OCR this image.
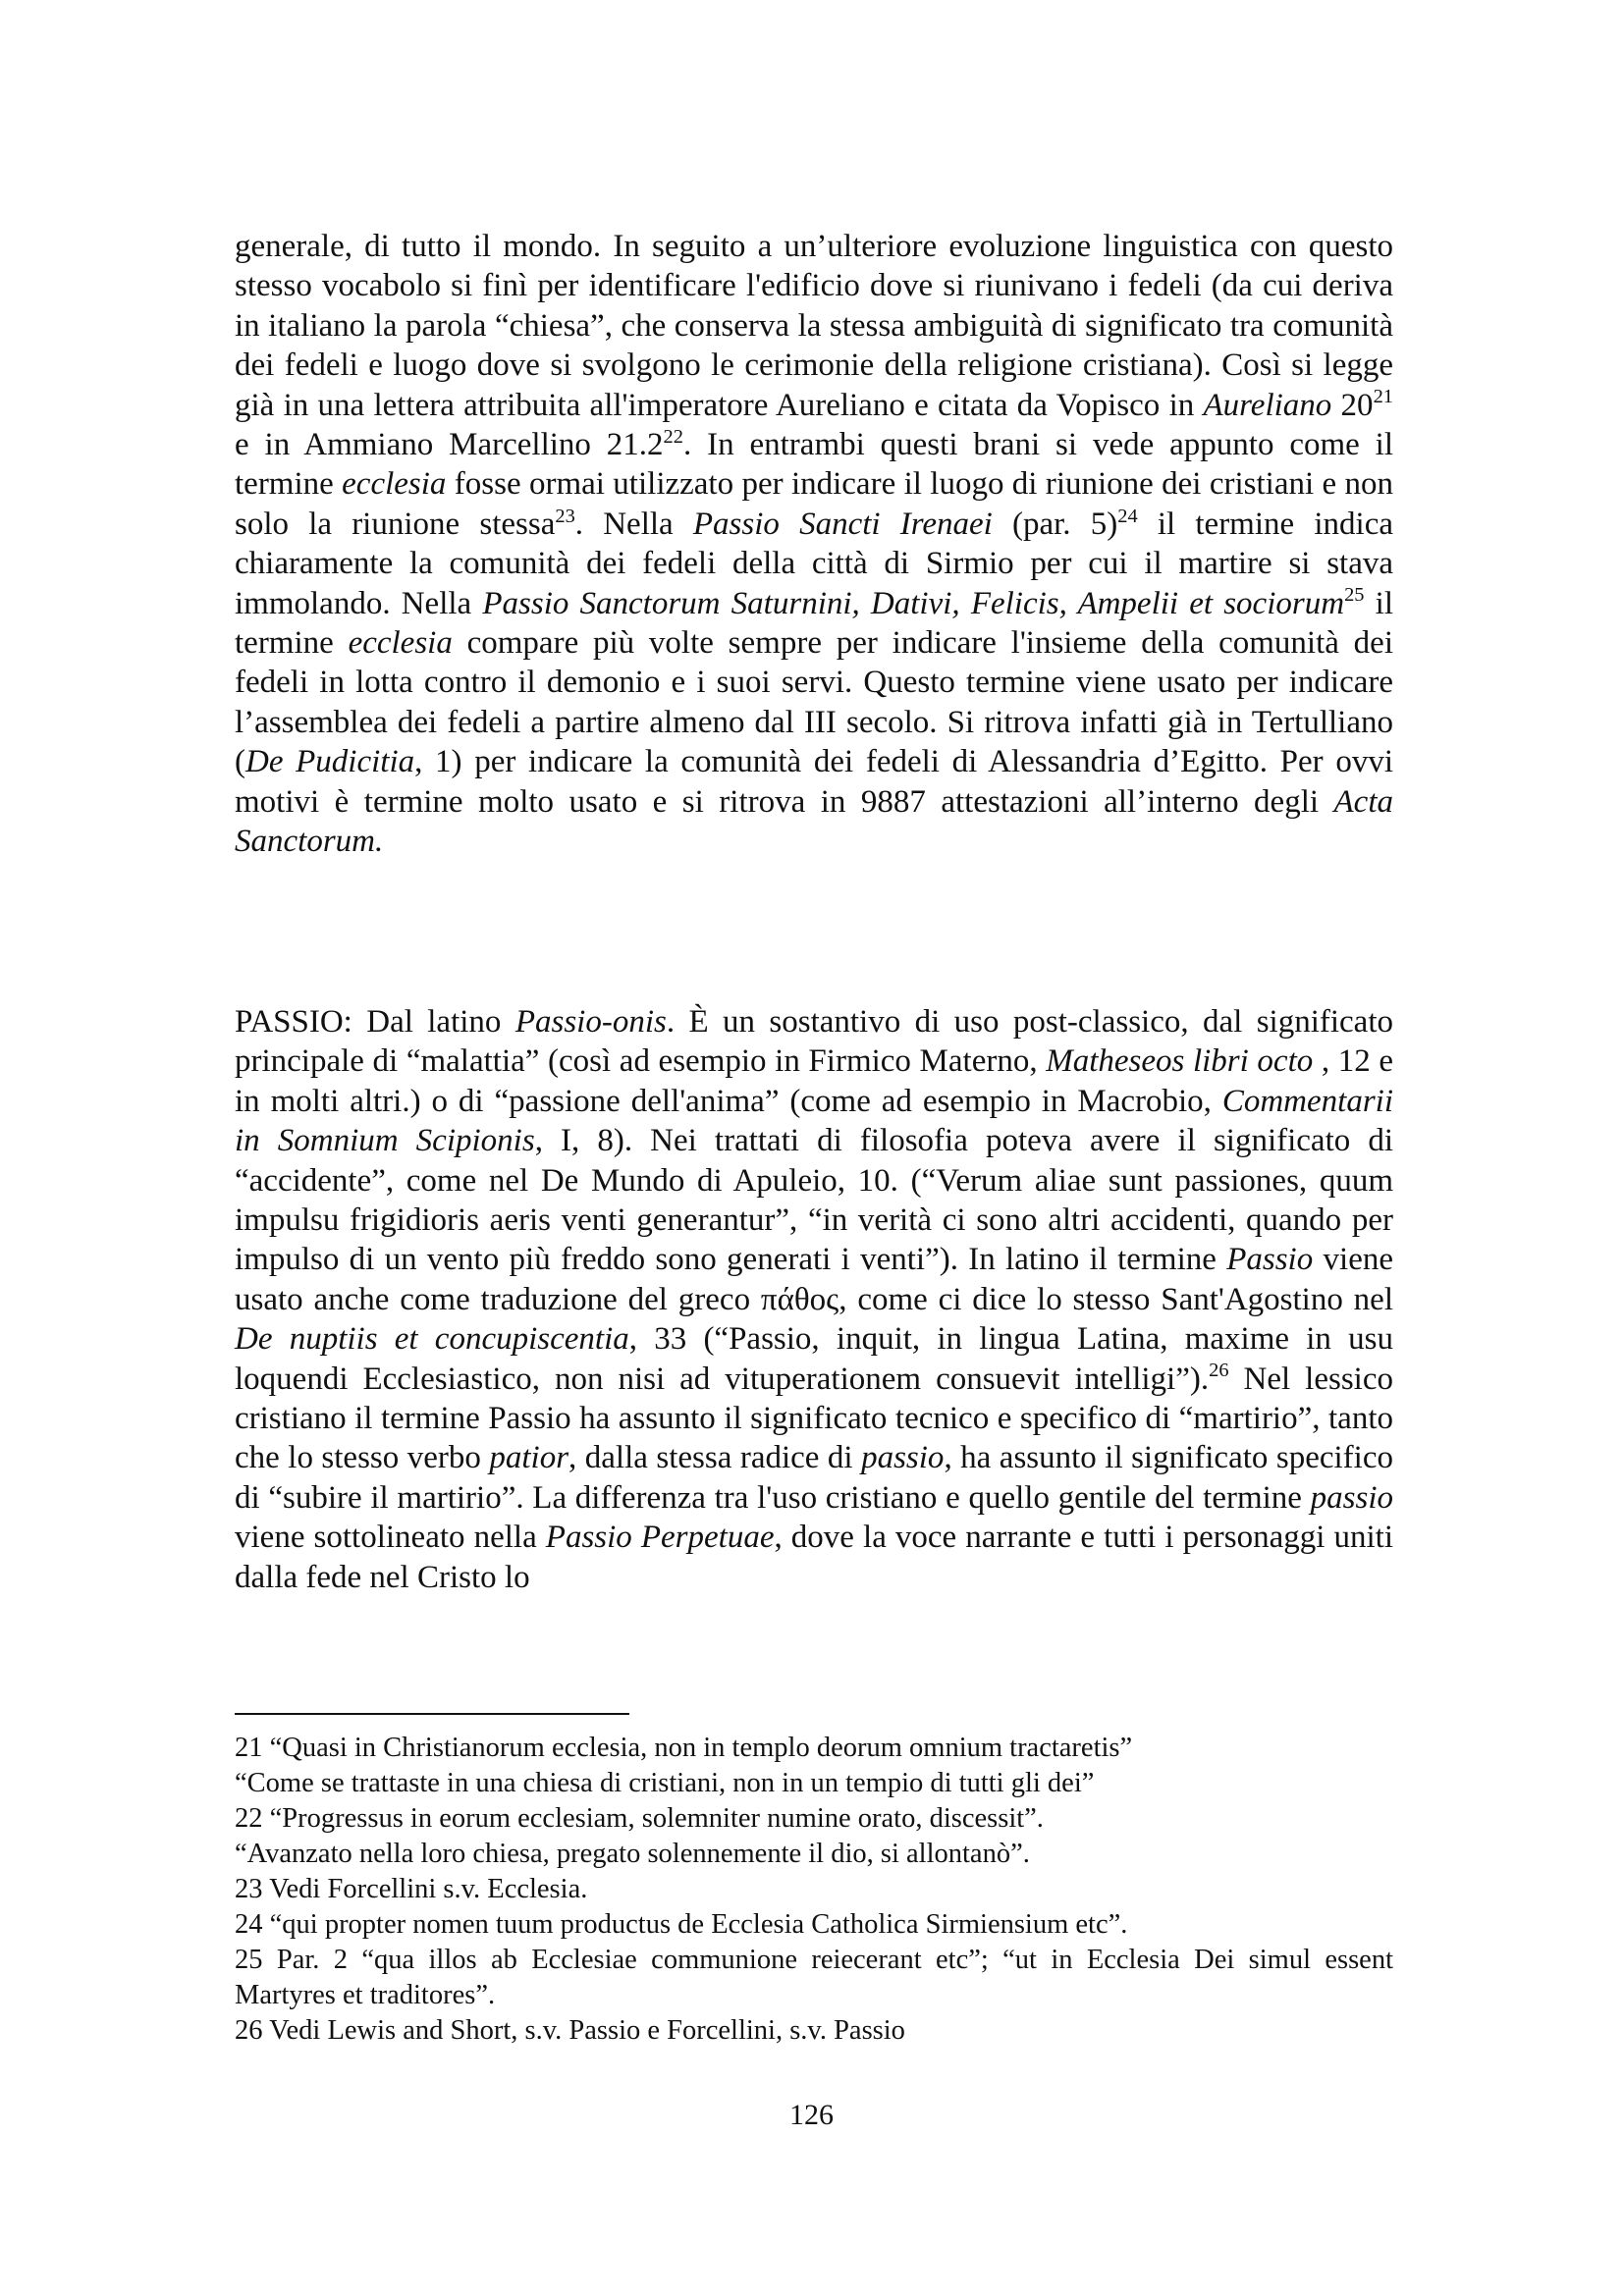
generale, di tutto il mondo. In seguito a un’ulteriore evoluzione linguistica con questo stesso vocabolo si finì per identificare l'edificio dove si riunivano i fedeli (da cui deriva in italiano la parola “chiesa”, che conserva la stessa ambiguità di significato tra comunità dei fedeli e luogo dove si svolgono le cerimonie della religione cristiana). Così si legge già in una lettera attribuita all'imperatore Aureliano e citata da Vopisco in Aureliano $20^{21}$ e in Ammiano Marcellino 21.2$^{22}$. In entrambi questi brani si vede appunto come il termine ecclesia fosse ormai utilizzato per indicare il luogo di riunione dei cristiani e non solo la riunione stessa$^{23}$. Nella Passio Sancti Irenaei (par. 5)$^{24}$ il termine indica chiaramente la comunità dei fedeli della città di Sirmio per cui il martire si stava immolando. Nella Passio Sanctorum Saturnini, Dativi, Felicis, Ampelii et sociorum$^{25}$ il termine ecclesia compare più volte sempre per indicare l'insieme della comunità dei fedeli in lotta contro il demonio e i suoi servi. Questo termine viene usato per indicare l’assemblea dei fedeli a partire almeno dal III secolo. Si ritrova infatti già in Tertulliano (De Pudicitia, 1) per indicare la comunità dei fedeli di Alessandria d’Egitto. Per ovvi motivi è termine molto usato e si ritrova in 9887 attestazioni all’interno degli Acta Sanctorum.

PASSIO: Dal latino Passio-onis. È un sostantivo di uso post-classico, dal significato principale di “malattia” (così ad esempio in Firmico Materno, Matheseos libri octo , 12 e in molti altri.) o di “passione dell'anima” (come ad esempio in Macrobio, Commentarii in Somnium Scipionis, I, 8). Nei trattati di filosofia poteva avere il significato di “accidente”, come nel De Mundo di Apuleio, 10. (“Verum aliae sunt passiones, quum impulsu frigidioris aeris venti generantur”, “in verità ci sono altri accidenti, quando per impulso di un vento più freddo sono generati i venti”). In latino il termine Passio viene usato anche come traduzione del greco πάθος, come ci dice lo stesso Sant'Agostino nel De nuptiis et concupiscentia, 33 (“Passio, inquit, in lingua Latina, maxime in usu loquendi Ecclesiastico, non nisi ad vituperationem consuevit intelligi”).$^{26}$ Nel lessico cristiano il termine Passio ha assunto il significato tecnico e specifico di “martirio”, tanto che lo stesso verbo patior, dalla stessa radice di passio, ha assunto il significato specifico di “subire il martirio”. La differenza tra l'uso cristiano e quello gentile del termine passio viene sottolineato nella Passio Perpetuae, dove la voce narrante e tutti i personaggi uniti dalla fede nel Cristo lo

21 “Quasi in Christianorum ecclesia, non in templo deorum omnium tractaretis”

“Come se trattaste in una chiesa di cristiani, non in un tempio di tutti gli dei”

22 “Progressus in eorum ecclesiam, solemniter numine orato, discessit”.

“Avanzato nella loro chiesa, pregato solennemente il dio, si allontanò”.

23 Vedi Forcellini s.v. Ecclesia.

24 “qui propter nomen tuum productus de Ecclesia Catholica Sirmiensium etc”.

25 Par. 2 “qua illos ab Ecclesiae communione reiecerant etc”; “ut in Ecclesia Dei simul essent Martyres et traditores”.

26 Vedi Lewis and Short, s.v. Passio e Forcellini, s.v. Passio

126
